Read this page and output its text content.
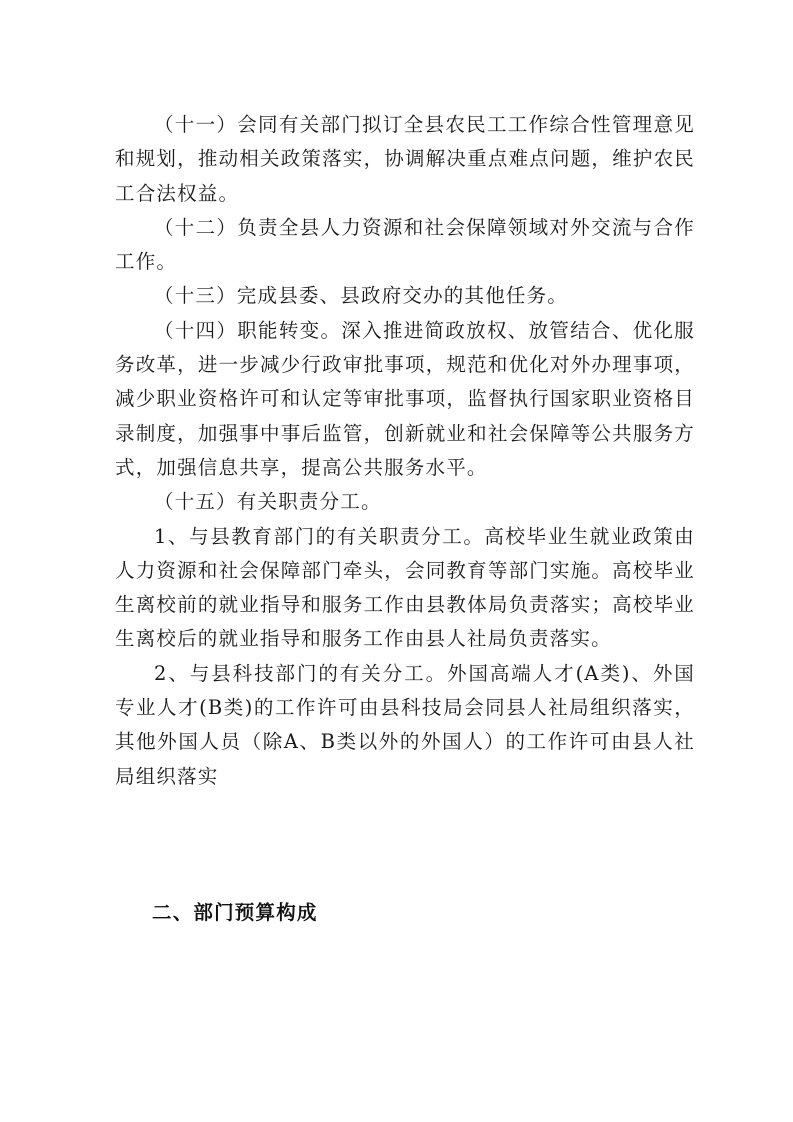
（十一）会同有关部门拟订全县农民工工作综合性管理意见和规划，推动相关政策落实，协调解决重点难点问题，维护农民工合法权益。

（十二）负责全县人力资源和社会保障领域对外交流与合作工作。

（十三）完成县委、县政府交办的其他任务。

（十四）职能转变。深入推进简政放权、放管结合、优化服务改革，进一步减少行政审批事项，规范和优化对外办理事项，减少职业资格许可和认定等审批事项，监督执行国家职业资格目录制度，加强事中事后监管，创新就业和社会保障等公共服务方式，加强信息共享，提高公共服务水平。

（十五）有关职责分工。

1、与县教育部门的有关职责分工。高校毕业生就业政策由人力资源和社会保障部门牵头，会同教育等部门实施。高校毕业生离校前的就业指导和服务工作由县教体局负责落实；高校毕业生离校后的就业指导和服务工作由县人社局负责落实。

2、与县科技部门的有关分工。外国高端人才(A类)、外国专业人才(B类)的工作许可由县科技局会同县人社局组织落实，其他外国人员（除A、B类以外的外国人）的工作许可由县人社局组织落实

二、部门预算构成
